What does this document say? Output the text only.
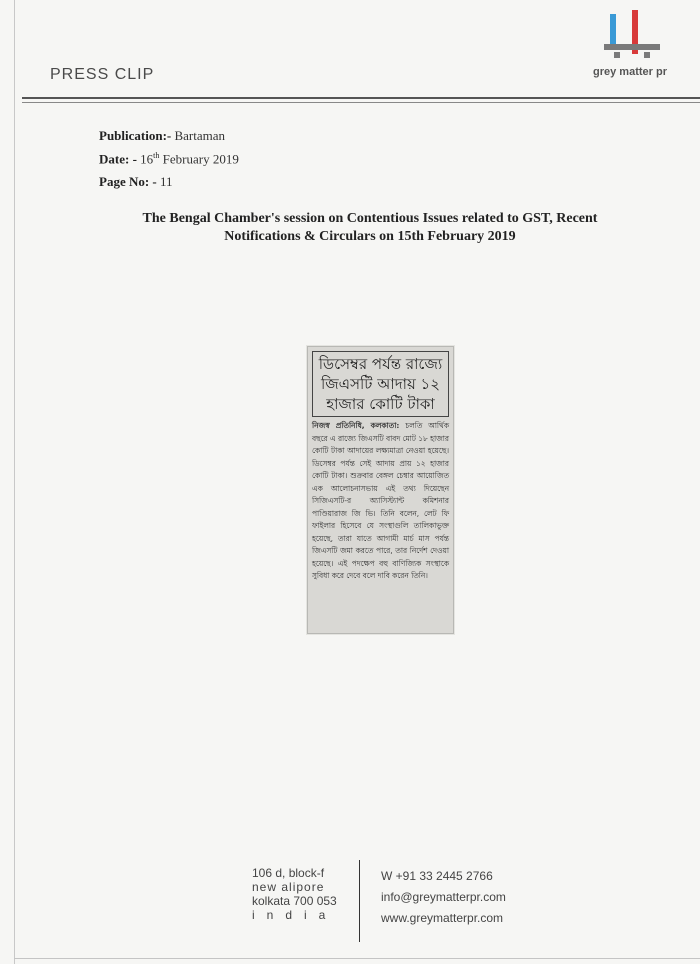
PRESS CLIP	grey matter pr
Publication:- Bartaman
Date: - 16th February 2019
Page No: - 11
The Bengal Chamber's session on Contentious Issues related to GST, Recent
Notifications & Circulars on 15th February 2019
ডিসেম্বর পর্যন্ত রাজ্যে জিএসটি আদায় ১২ হাজার কোটি টাকা
নিজস্ব প্রতিনিধি, কলকাতা: চলতি আর্থিক বছরে এ রাজ্যে জিএসটি বাবদ মোট ১৮ হাজার কোটি টাকা আদায়ের লক্ষ্যমাত্রা নেওয়া হয়েছে। ডিসেম্বর পর্যন্ত সেই আদায় প্রায় ১২ হাজার কোটি টাকা। শুক্রবার বেঙ্গল চেম্বার আয়োজিত এক আলোচনাসভায় এই তথ্য দিয়েছেন সিজিএসটি-র অ্যাসিস্ট্যান্ট কমিশনার পাণ্ডিয়ারাজ জি ভি। তিনি বলেন, লেট ফি ফাইলার হিসেবে যে সংস্থাগুলি তালিকাভুক্ত হয়েছে, তারা যাতে আগামী মার্চ মাস পর্যন্ত জিএসটি জমা করতে পারে, তার নির্দেশ দেওয়া হয়েছে। এই পদক্ষেপ বহু বাণিজ্যিক সংস্থাকে সুবিধা করে দেবে বলে দাবি করেন তিনি।
106 d, block-f
new alipore
kolkata 700 053
india
W +91 33 2445 2766
info@greymatterpr.com
www.greymatterpr.com
